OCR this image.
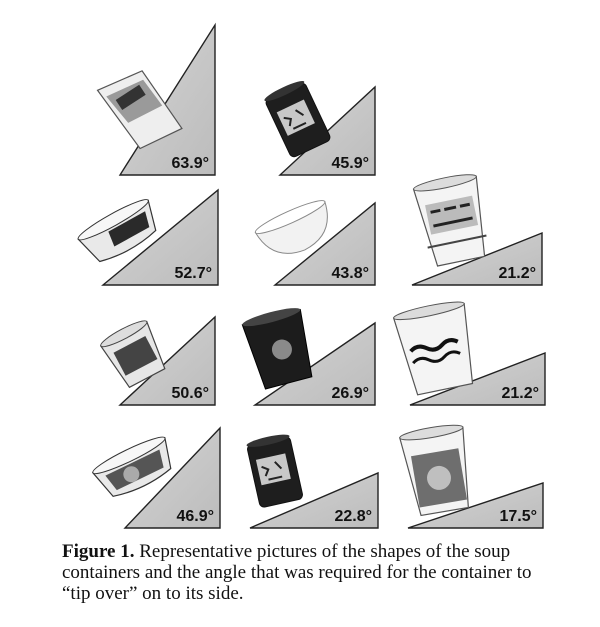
63.9°	45.9°
52.7°	43.8°	21.2°
50.6°	26.9°	21.2°
46.9°	22.8°	17.5°
Figure 1. Representative pictures of the shapes of the soup containers and the angle that was required for the container to “tip over” on to its side.
